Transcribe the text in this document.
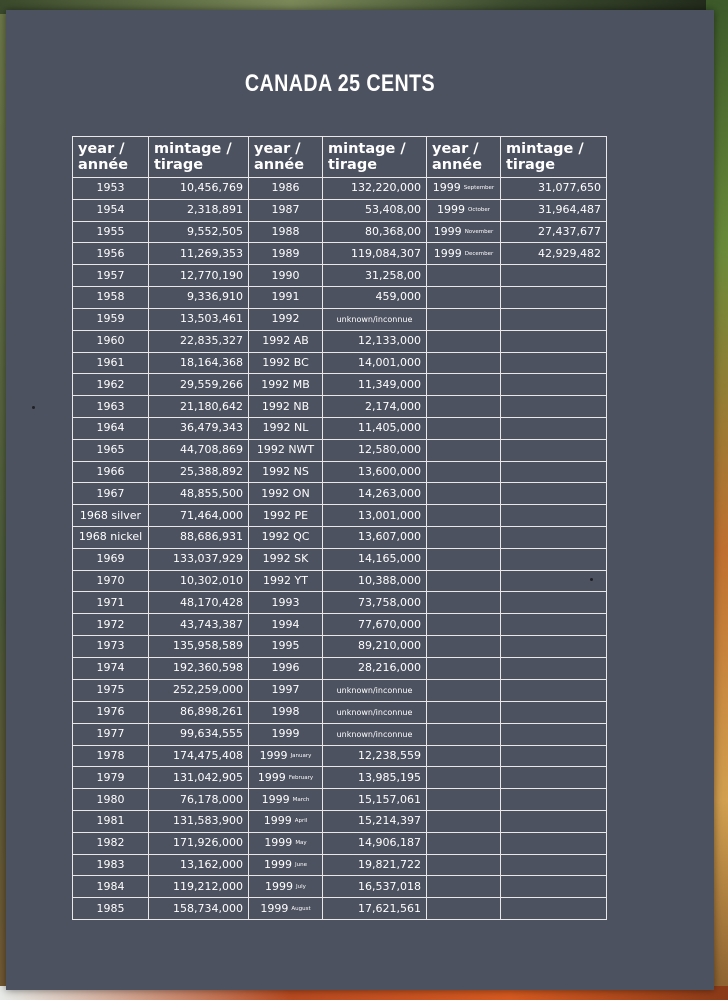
CANADA 25 CENTS
year / année	mintage / tirage	year / année	mintage / tirage	year / année	mintage / tirage
1953	10,456,769	1986	132,220,000	1999 September	31,077,650
1954	2,318,891	1987	53,408,00	1999 October	31,964,487
1955	9,552,505	1988	80,368,00	1999 November	27,437,677
1956	11,269,353	1989	119,084,307	1999 December	42,929,482
1957	12,770,190	1990	31,258,00		
1958	9,336,910	1991	459,000		
1959	13,503,461	1992	unknown/inconnue		
1960	22,835,327	1992 AB	12,133,000		
1961	18,164,368	1992 BC	14,001,000		
1962	29,559,266	1992 MB	11,349,000		
1963	21,180,642	1992 NB	2,174,000		
1964	36,479,343	1992 NL	11,405,000		
1965	44,708,869	1992 NWT	12,580,000		
1966	25,388,892	1992 NS	13,600,000		
1967	48,855,500	1992 ON	14,263,000		
1968 silver	71,464,000	1992 PE	13,001,000		
1968 nickel	88,686,931	1992 QC	13,607,000		
1969	133,037,929	1992 SK	14,165,000		
1970	10,302,010	1992 YT	10,388,000		
1971	48,170,428	1993	73,758,000		
1972	43,743,387	1994	77,670,000		
1973	135,958,589	1995	89,210,000		
1974	192,360,598	1996	28,216,000		
1975	252,259,000	1997	unknown/inconnue		
1976	86,898,261	1998	unknown/inconnue		
1977	99,634,555	1999	unknown/inconnue		
1978	174,475,408	1999 January	12,238,559		
1979	131,042,905	1999 February	13,985,195		
1980	76,178,000	1999 March	15,157,061		
1981	131,583,900	1999 April	15,214,397		
1982	171,926,000	1999 May	14,906,187		
1983	13,162,000	1999 June	19,821,722		
1984	119,212,000	1999 July	16,537,018		
1985	158,734,000	1999 August	17,621,561		
